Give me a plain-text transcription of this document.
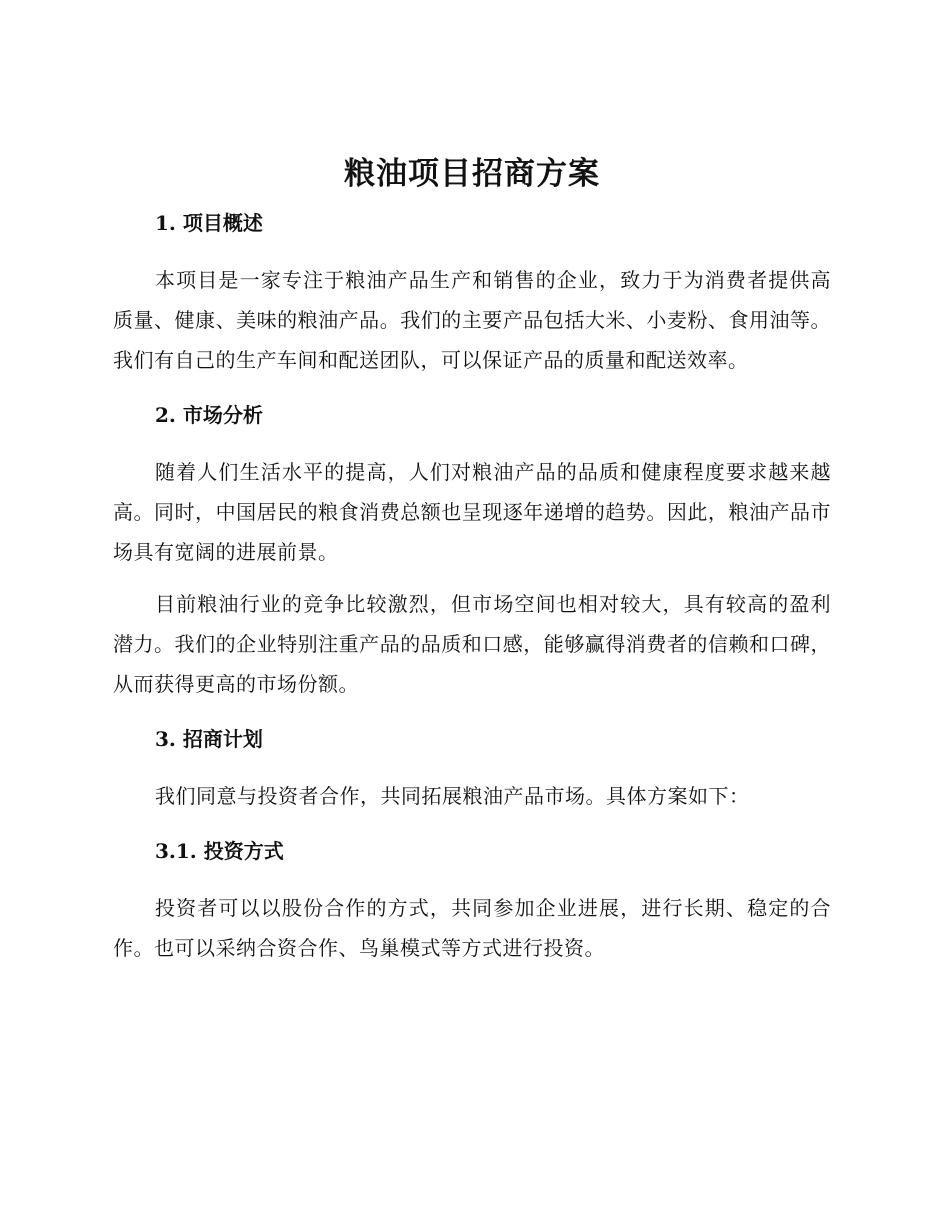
粮油项目招商方案
1. 项目概述

本项目是一家专注于粮油产品生产和销售的企业，致力于为消费者提供高质量、健康、美味的粮油产品。我们的主要产品包括大米、小麦粉、食用油等。我们有自己的生产车间和配送团队，可以保证产品的质量和配送效率。

2. 市场分析

随着人们生活水平的提高，人们对粮油产品的品质和健康程度要求越来越高。同时，中国居民的粮食消费总额也呈现逐年递增的趋势。因此，粮油产品市场具有宽阔的进展前景。

目前粮油行业的竞争比较激烈，但市场空间也相对较大，具有较高的盈利潜力。我们的企业特别注重产品的品质和口感，能够赢得消费者的信赖和口碑，从而获得更高的市场份额。

3. 招商计划

我们同意与投资者合作，共同拓展粮油产品市场。具体方案如下：

3.1. 投资方式

投资者可以以股份合作的方式，共同参加企业进展，进行长期、稳定的合作。也可以采纳合资合作、鸟巢模式等方式进行投资。
